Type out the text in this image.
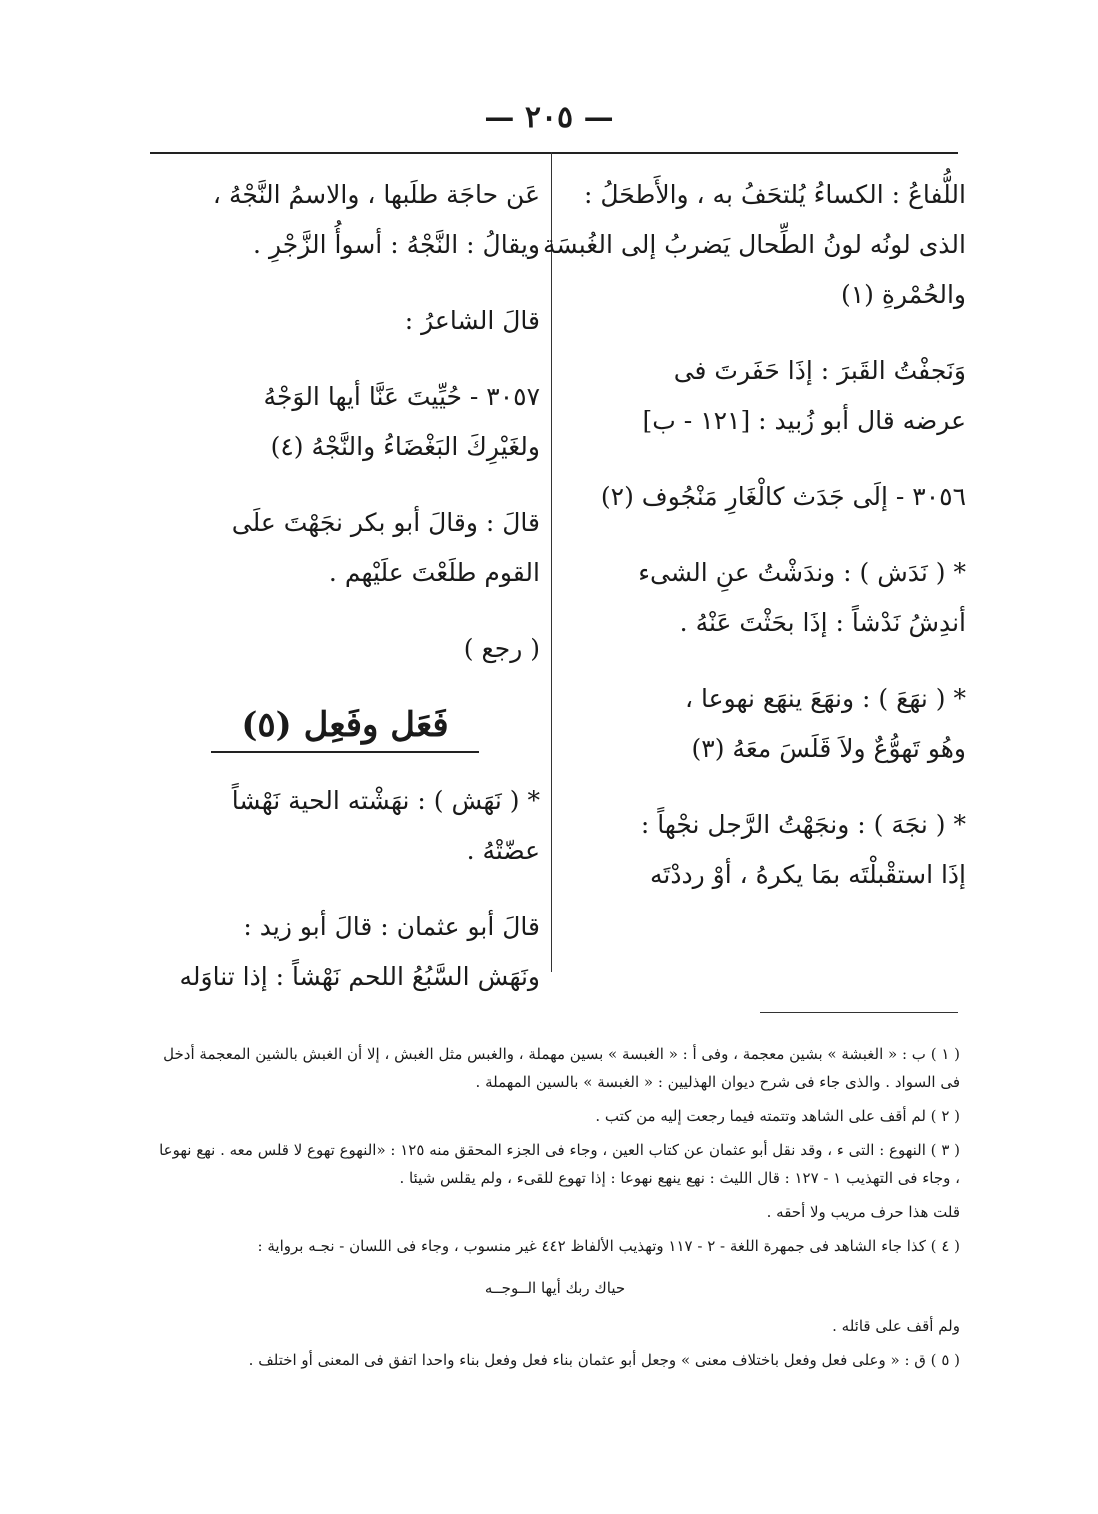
— ٢٠٥ —
اللُّفاعُ : الكساءُ يُلتحَفُ به ، والأَطحَلُ :
الذى لونُه لونُ الطِّحال يَضربُ إلى الغُبسَة
والحُمْرةِ (١)
وَنَجفْتُ القَبرَ : إذَا حَفَرتَ فى
عرضه قال أبو زُبيد : [١٢١ - ب]
٣٠٥٦ - إلَى جَدَث كالْغَارِ مَنْجُوف (٢)
* ( نَدَش ) : وندَشْتُ عنِ الشىء
أندِشُ نَدْشاً : إذَا بحَثْتَ عَنْهُ .
* ( نهَعَ ) : ونهَعَ ينهَع نهوعا ،
وهُو تَهوُّعٌ ولاَ قَلَسَ معَهُ (٣)
* ( نجَهَ ) : ونجَهْتُ الرَّجل نجْهاً :
إذَا استقْبلْتَه بمَا يكرهُ ، أوْ رددْتَه
عَن حاجَة طلَبها ، والاسمُ النَّجْهُ ،
ويقالُ : النَّجْهُ : أسوأُ الزَّجْرِ .
قالَ الشاعرُ :
٣٠٥٧ - حُيِّيتَ عَنَّا أيها الوَجْهُ
ولغَيْرِكَ البَغْضَاءُ والنَّجْهُ (٤)
قالَ : وقالَ أبو بكر نجَهْتَ علَى
القوم طلَعْتَ علَيْهم .
( رجع )
فَعَل وفَعِل (٥)
* ( نَهَش ) : نهَشْته الحية نَهْشاً
عضّتْهُ .
قالَ أبو عثمان : قالَ أبو زيد :
ونَهَش السَّبُعُ اللحم نَهْشاً : إذا تناوَله
( ١ ) ب : « الغبشة » بشين معجمة ، وفى أ : « الغبسة » بسين مهملة ، والغبس مثل الغبش ، إلا أن الغبش بالشين المعجمة أدخل فى السواد . والذى جاء فى شرح ديوان الهذليين : « الغبسة » بالسين المهملة .
( ٢ ) لم أقف على الشاهد وتتمته فيما رجعت إليه من كتب .
( ٣ ) النهوع : التى ء ، وقد نقل أبو عثمان عن كتاب العين ، وجاء فى الجزء المحقق منه ١٢٥ : «النهوع تهوع لا قلس معه . نهع نهوعا ، وجاء فى التهذيب ١ - ١٢٧ : قال الليث : نهع ينهع نهوعا : إذا تهوع للقىء ، ولم يقلس شيئا .
قلت هذا حرف مريب ولا أحقه .
( ٤ ) كذا جاء الشاهد فى جمهرة اللغة - ٢ - ١١٧ وتهذيب الألفاظ ٤٤٢ غير منسوب ، وجاء فى اللسان - نجـه برواية :
حياك ربك أيها الــوجــه
ولم أقف على قائله .
( ٥ ) ق : « وعلى فعل وفعل باختلاف معنى » وجعل أبو عثمان بناء فعل وفعل بناء واحدا اتفق فى المعنى أو اختلف .
